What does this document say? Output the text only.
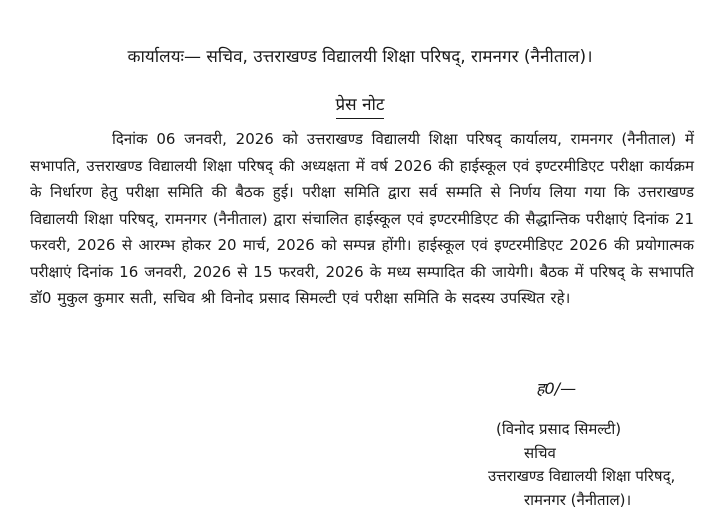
कार्यालयः— सचिव, उत्तराखण्ड विद्यालयी शिक्षा परिषद्, रामनगर (नैनीताल)।
प्रेस नोट
दिनांक 06 जनवरी, 2026 को उत्तराखण्ड विद्यालयी शिक्षा परिषद् कार्यालय, रामनगर (नैनीताल) में सभापति, उत्तराखण्ड विद्यालयी शिक्षा परिषद् की अध्यक्षता में वर्ष 2026 की हाईस्कूल एवं इण्टरमीडिएट परीक्षा कार्यक्रम के निर्धारण हेतु परीक्षा समिति की बैठक हुई। परीक्षा समिति द्वारा सर्व सम्मति से निर्णय लिया गया कि उत्तराखण्ड विद्यालयी शिक्षा परिषद्, रामनगर (नैनीताल) द्वारा संचालित हाईस्कूल एवं इण्टरमीडिएट की सैद्धान्तिक परीक्षाएं दिनांक 21 फरवरी, 2026 से आरम्भ होकर 20 मार्च, 2026 को सम्पन्न होंगी। हाईस्कूल एवं इण्टरमीडिएट 2026 की प्रयोगात्मक परीक्षाएं दिनांक 16 जनवरी, 2026 से 15 फरवरी, 2026 के मध्य सम्पादित की जायेगी। बैठक में परिषद् के सभापति डॉ0 मुकुल कुमार सती, सचिव श्री विनोद प्रसाद सिमल्टी एवं परीक्षा समिति के सदस्य उपस्थित रहे।
ह0/—
(विनोद प्रसाद सिमल्टी)
सचिव
उत्तराखण्ड विद्यालयी शिक्षा परिषद्,
रामनगर (नैनीताल)।
